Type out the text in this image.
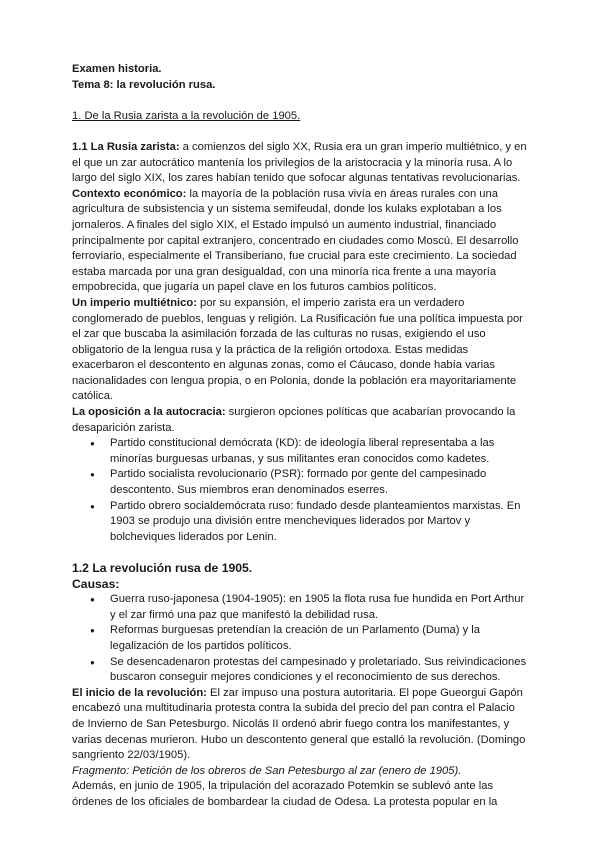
Examen historia.

Tema 8: la revolución rusa.

1. De la Rusia zarista a la revolución de 1905.

1.1 La Rusia zarista: a comienzos del siglo XX, Rusia era un gran imperio multiétnico, y en el que un zar autocrático mantenía los privilegios de la aristocracia y la minoría rusa. A lo largo del siglo XIX, los zares habían tenido que sofocar algunas tentativas revolucionarias.

Contexto económico: la mayoría de la población rusa vivía en áreas rurales con una agricultura de subsistencia y un sistema semifeudal, donde los kulaks explotaban a los jornaleros. A finales del siglo XIX, el Estado impulsó un aumento industrial, financiado principalmente por capital extranjero, concentrado en ciudades como Moscú. El desarrollo ferroviario, especialmente el Transiberiano, fue crucial para este crecimiento. La sociedad estaba marcada por una gran desigualdad, con una minoría rica frente a una mayoría empobrecida, que jugaría un papel clave en los futuros cambios políticos.

Un imperio multiétnico: por su expansión, el imperio zarista era un verdadero conglomerado de pueblos, lenguas y religión. La Rusificación fue una política impuesta por el zar que buscaba la asimilación forzada de las culturas no rusas, exigiendo el uso obligatorio de la lengua rusa y la práctica de la religión ortodoxa. Estas medidas exacerbaron el descontento en algunas zonas, como el Cáucaso, donde había varias nacionalidades con lengua propia, o en Polonia, donde la población era mayoritariamente católica.

La oposición a la autocracia: surgieron opciones políticas que acabarían provocando la desaparición zarista.

● Partido constitucional demócrata (KD): de ideología liberal representaba a las minorías burguesas urbanas, y sus militantes eran conocidos como kadetes.
● Partido socialista revolucionario (PSR): formado por gente del campesinado descontento. Sus miembros eran denominados eserres.
● Partido obrero socialdemócrata ruso: fundado desde planteamientos marxistas. En 1903 se produjo una división entre mencheviques liderados por Martov y bolcheviques liderados por Lenin.

1.2 La revolución rusa de 1905.

Causas:

● Guerra ruso-japonesa (1904-1905): en 1905 la flota rusa fue hundida en Port Arthur y el zar firmó una paz que manifestó la debilidad rusa.
● Reformas burguesas pretendían la creación de un Parlamento (Duma) y la legalización de los partidos políticos.
● Se desencadenaron protestas del campesinado y proletariado. Sus reivindicaciones buscaron conseguir mejores condiciones y el reconocimiento de sus derechos.

El inicio de la revolución: El zar impuso una postura autoritaria. El pope Gueorgui Gapón encabezó una multitudinaria protesta contra la subida del precio del pan contra el Palacio de Invierno de San Petesburgo. Nicolás II ordenó abrir fuego contra los manifestantes, y varias decenas murieron. Hubo un descontento general que estalló la revolución. (Domingo sangriento 22/03/1905).

Fragmento: Petición de los obreros de San Petesburgo al zar (enero de 1905).

Además, en junio de 1905, la tripulación del acorazado Potemkin se sublevó ante las órdenes de los oficiales de bombardear la ciudad de Odesa. La protesta popular en la
